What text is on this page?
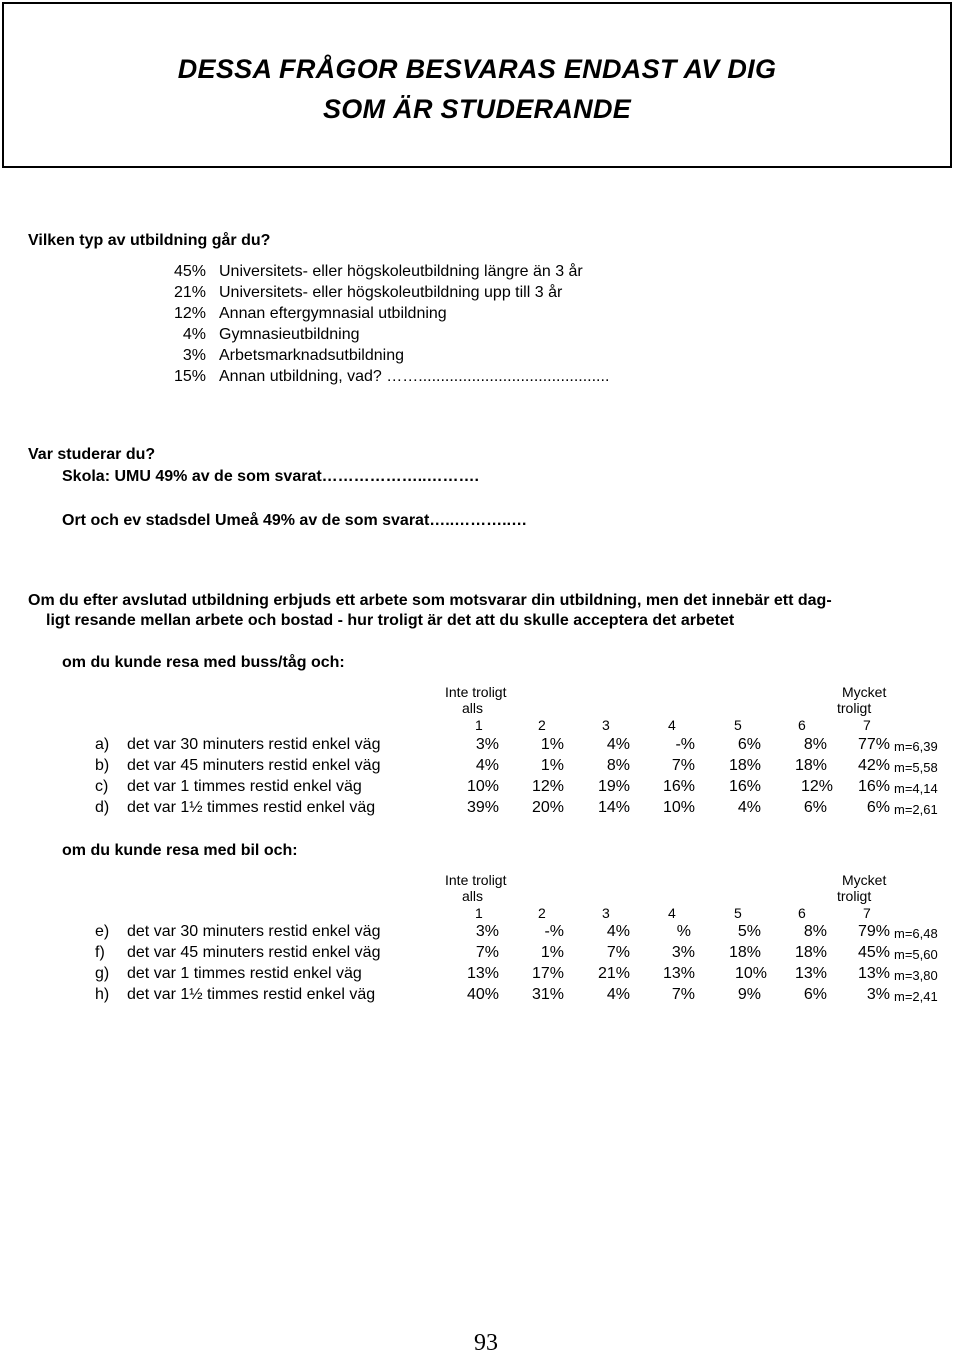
DESSA FRÅGOR BESVARAS ENDAST AV DIG
SOM ÄR STUDERANDE
Vilken typ av utbildning går du?
45% Universitets- eller högskoleutbildning längre än 3 år
21% Universitets- eller högskoleutbildning upp till 3 år
12% Annan eftergymnasial utbildning
4% Gymnasieutbildning
3% Arbetsmarknadsutbildning
15% Annan utbildning, vad? ……...........................................
Var studerar du?
Skola: UMU 49% av de som svarat………………..……….
Ort och ev stadsdel Umeå 49% av de som svarat…..………..…
Om du efter avslutad utbildning erbjuds ett arbete som motsvarar din utbildning, men det innebär ett dag-
ligt resande mellan arbete och bostad - hur troligt är det att du skulle acceptera det arbetet
om du kunde resa med buss/tåg och:
Inte troligt
alls
Mycket
troligt
1	2	3	4	5	6	7
a) det var 30 minuters restid enkel väg	3%	1%	4%	-%	6%	8%	77% m=6,39
b) det var 45 minuters restid enkel väg	4%	1%	8%	7%	18%	18%	42% m=5,58
c) det var 1 timmes restid enkel väg	10%	12%	19%	16%	16%	12%	16% m=4,14
d) det var 1½ timmes restid enkel väg	39%	20%	14%	10%	4%	6%	6% m=2,61
om du kunde resa med bil och:
Inte troligt
alls
Mycket
troligt
1	2	3	4	5	6	7
e) det var 30 minuters restid enkel väg	3%	-%	4%	%	5%	8%	79% m=6,48
f) det var 45 minuters restid enkel väg	7%	1%	7%	3%	18%	18%	45% m=5,60
g) det var 1 timmes restid enkel väg	13%	17%	21%	13%	10%	13%	13% m=3,80
h) det var 1½ timmes restid enkel väg	40%	31%	4%	7%	9%	6%	3% m=2,41
93
